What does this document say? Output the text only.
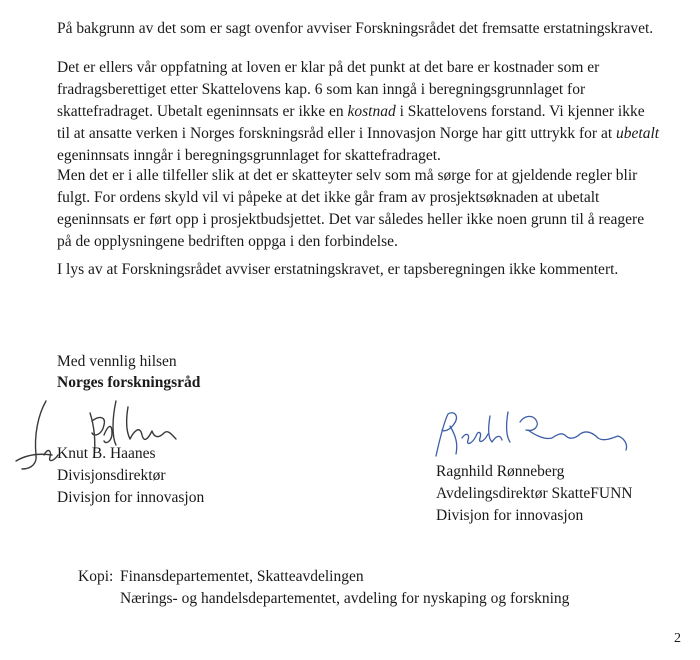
På bakgrunn av det som er sagt ovenfor avviser Forskningsrådet det fremsatte erstatningskravet.

Det er ellers vår oppfatning at loven er klar på det punkt at det bare er kostnader som er
fradragsberettiget etter Skattelovens kap. 6 som kan inngå i beregningsgrunnlaget for
skattefradraget. Ubetalt egeninnsats er ikke en kostnad i Skattelovens forstand. Vi kjenner ikke
til at ansatte verken i Norges forskningsråd eller i Innovasjon Norge har gitt uttrykk for at ubetalt
egeninnsats inngår i beregningsgrunnlaget for skattefradraget.

Men det er i alle tilfeller slik at det er skatteyter selv som må sørge for at gjeldende regler blir
fulgt. For ordens skyld vil vi påpeke at det ikke går fram av prosjektsøknaden at ubetalt
egeninnsats er ført opp i prosjektbudsjettet. Det var således heller ikke noen grunn til å reagere
på de opplysningene bedriften oppga i den forbindelse.

I lys av at Forskningsrådet avviser erstatningskravet, er tapsberegningen ikke kommentert.

Med vennlig hilsen
Norges forskningsråd
Knut B. Haanes
Divisjonsdirektør
Divisjon for innovasjon
Ragnhild Rønneberg
Avdelingsdirektør SkatteFUNN
Divisjon for innovasjon
Kopi: Finansdepartementet, Skatteavdelingen
Nærings- og handelsdepartementet, avdeling for nyskaping og forskning
2
